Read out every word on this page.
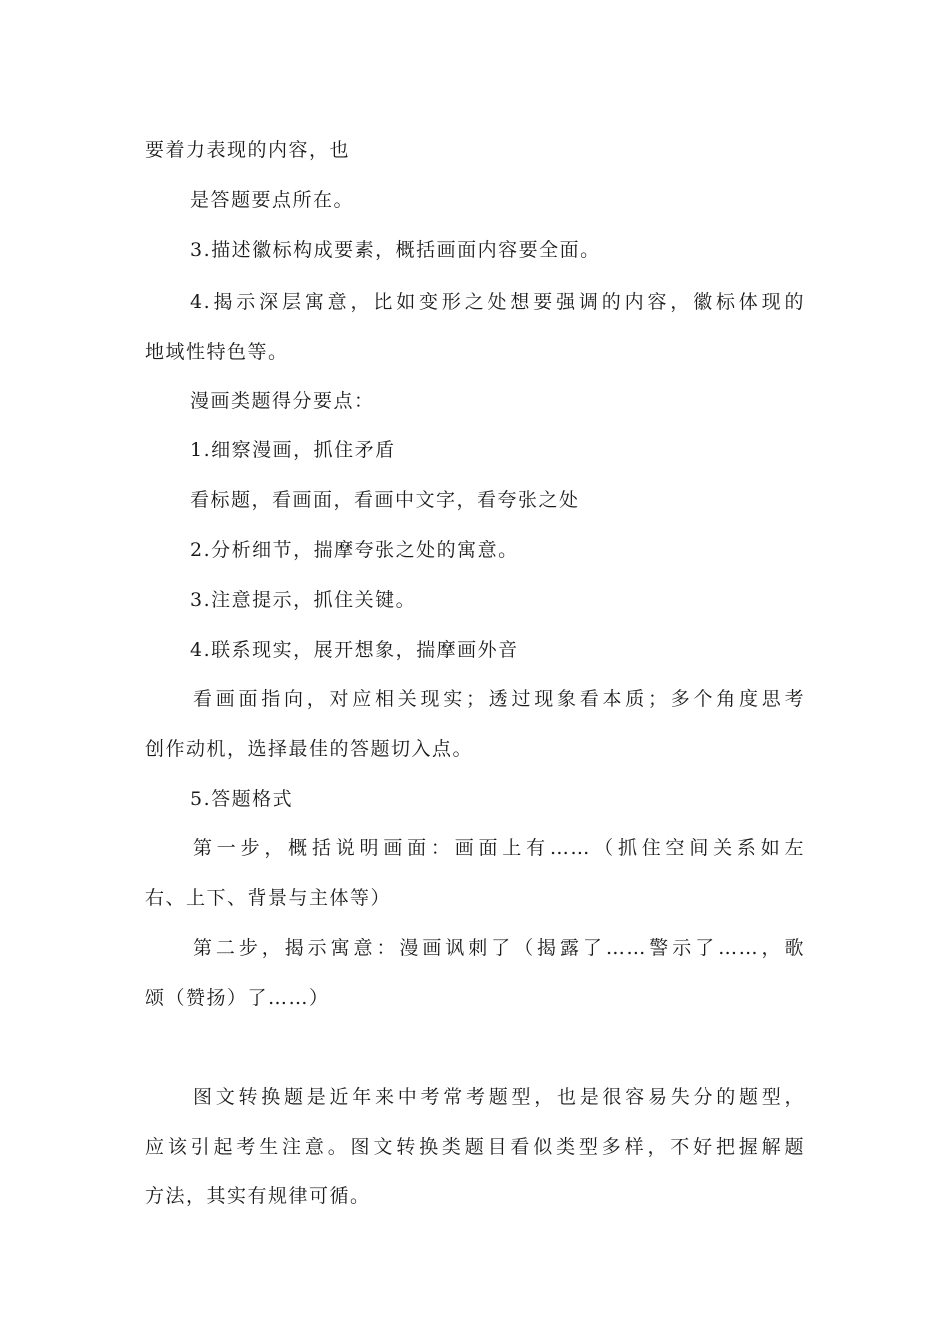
要着力表现的内容，也
是答题要点所在。
3.描述徽标构成要素，概括画面内容要全面。
4.揭示深层寓意，比如变形之处想要强调的内容，徽标体现的
地域性特色等。
漫画类题得分要点：
1.细察漫画，抓住矛盾
看标题，看画面，看画中文字，看夸张之处
2.分析细节，揣摩夸张之处的寓意。
3.注意提示，抓住关键。
4.联系现实，展开想象，揣摩画外音
看画面指向，对应相关现实；透过现象看本质；多个角度思考
创作动机，选择最佳的答题切入点。
5.答题格式
第一步，概括说明画面：画面上有……（抓住空间关系如左
右、上下、背景与主体等）
第二步，揭示寓意：漫画讽刺了（揭露了……警示了……，歌
颂（赞扬）了……）
图文转换题是近年来中考常考题型，也是很容易失分的题型，
应该引起考生注意。图文转换类题目看似类型多样，不好把握解题
方法，其实有规律可循。
